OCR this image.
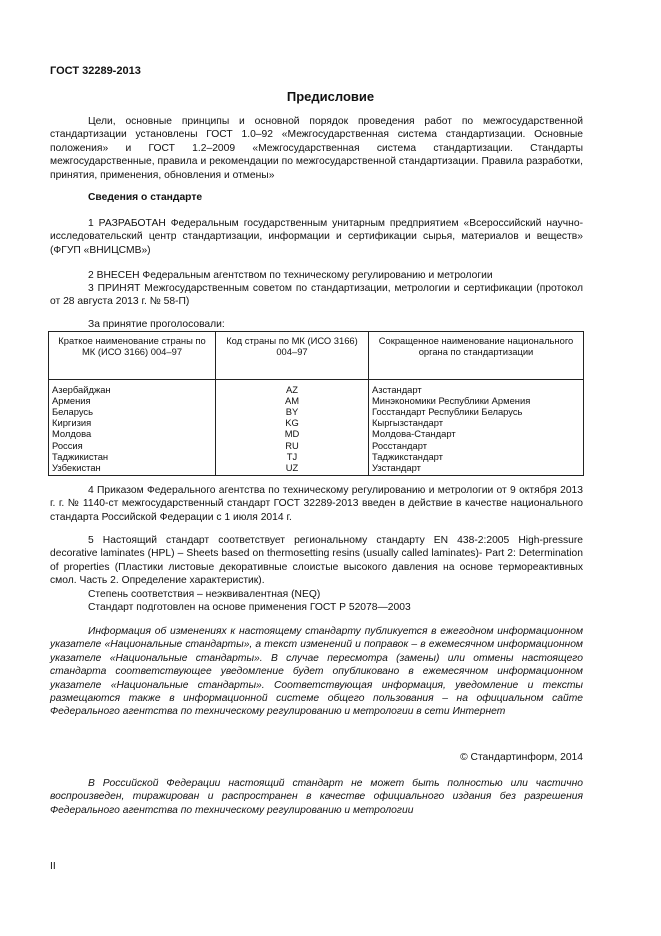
ГОСТ 32289-2013
Предисловие
Цели, основные принципы и основной порядок проведения работ по межгосударственной стандартизации установлены ГОСТ 1.0–92 «Межгосударственная система стандартизации. Основные положения» и ГОСТ 1.2–2009 «Межгосударственная система стандартизации. Стандарты межгосударственные, правила и рекомендации по межгосударственной стандартизации. Правила разработки, принятия, применения, обновления и отмены»
Сведения о стандарте
1 РАЗРАБОТАН Федеральным государственным унитарным предприятием «Всероссийский научно-исследовательский центр стандартизации, информации и сертификации сырья, материалов и веществ» (ФГУП «ВНИЦСМВ»)
2 ВНЕСЕН Федеральным агентством по техническому регулированию и метрологии
3 ПРИНЯТ Межгосударственным советом по стандартизации, метрологии и сертификации (протокол от 28 августа 2013 г. № 58-П)
За принятие проголосовали:
Краткое наименование страны по МК (ИСО 3166) 004–97	Код страны по МК (ИСО 3166) 004–97	Сокращенное наименование национального органа по стандартизации

Азербайджан	AZ	Азстандарт
Армения	AM	Минэкономики Республики Армения
Беларусь	BY	Госстандарт Республики Беларусь
Киргизия	KG	Кыргызстандарт
Молдова	MD	Молдова-Стандарт
Россия	RU	Росстандарт
Таджикистан	TJ	Таджикстандарт
Узбекистан	UZ	Узстандарт
4 Приказом Федерального агентства по техническому регулированию и метрологии от 9 октября 2013 г. г. № 1140-ст межгосударственный стандарт ГОСТ 32289-2013 введен в действие в качестве национального стандарта Российской Федерации с 1 июля 2014 г.
5 Настоящий стандарт соответствует региональному стандарту EN 438-2:2005 High-pressure decorative laminates (HPL) – Sheets based on thermosetting resins (usually called laminates)- Part 2: Determination of properties (Пластики листовые декоративные слоистые высокого давления на основе термореактивных смол. Часть 2. Определение характеристик).
Степень соответствия – неэквивалентная (NEQ)
Стандарт подготовлен на основе применения ГОСТ Р 52078—2003
Информация об изменениях к настоящему стандарту публикуется в ежегодном информационном указателе «Национальные стандарты», а текст изменений и поправок – в ежемесячном информационном указателе «Национальные стандарты». В случае пересмотра (замены) или отмены настоящего стандарта соответствующее уведомление будет опубликовано в ежемесячном информационном указателе «Национальные стандарты». Соответствующая информация, уведомление и тексты размещаются также в информационной системе общего пользования – на официальном сайте Федерального агентства по техническому регулированию и метрологии в сети Интернет
© Стандартинформ, 2014
В Российской Федерации настоящий стандарт не может быть полностью или частично воспроизведен, тиражирован и распространен в качестве официального издания без разрешения Федерального агентства по техническому регулированию и метрологии
II
